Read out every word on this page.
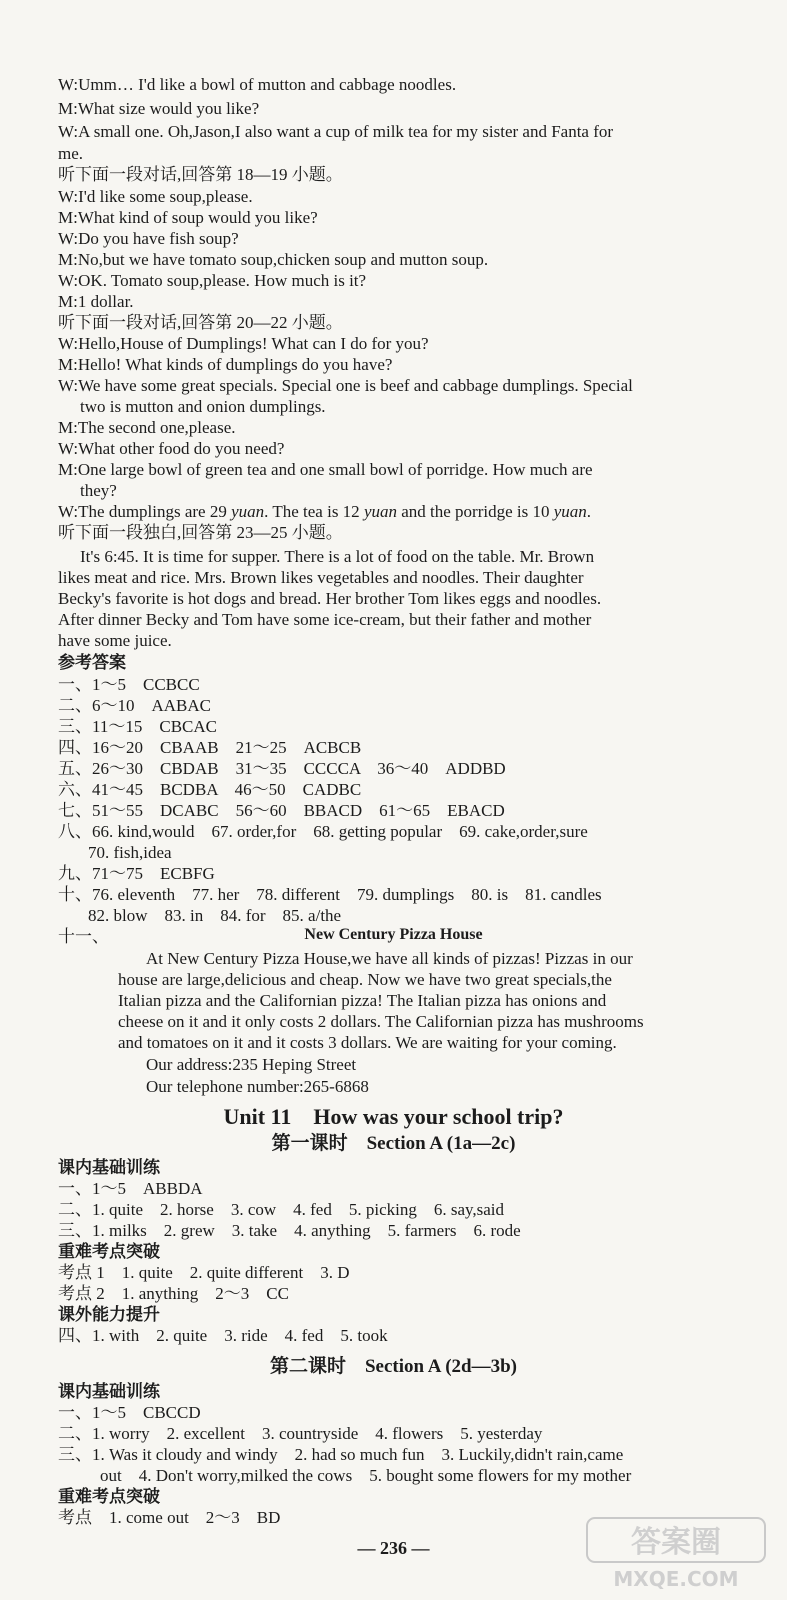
W:Umm… I'd like a bowl of mutton and cabbage noodles.
M:What size would you like?
W:A small one. Oh,Jason,I also want a cup of milk tea for my sister and Fanta for
me.
听下面一段对话,回答第 18—19 小题。
W:I'd like some soup,please.
M:What kind of soup would you like?
W:Do you have fish soup?
M:No,but we have tomato soup,chicken soup and mutton soup.
W:OK. Tomato soup,please. How much is it?
M:1 dollar.
听下面一段对话,回答第 20—22 小题。
W:Hello,House of Dumplings! What can I do for you?
M:Hello! What kinds of dumplings do you have?
W:We have some great specials. Special one is beef and cabbage dumplings. Special
two is mutton and onion dumplings.
M:The second one,please.
W:What other food do you need?
M:One large bowl of green tea and one small bowl of porridge. How much are
they?
W:The dumplings are 29 yuan. The tea is 12 yuan and the porridge is 10 yuan.
听下面一段独白,回答第 23—25 小题。
It's 6:45. It is time for supper. There is a lot of food on the table. Mr. Brown
likes meat and rice. Mrs. Brown likes vegetables and noodles. Their daughter
Becky's favorite is hot dogs and bread. Her brother Tom likes eggs and noodles.
After dinner Becky and Tom have some ice-cream, but their father and mother
have some juice.
参考答案
一、1～5　CCBCC
二、6～10　AABAC
三、11～15　CBCAC
四、16～20　CBAAB　21～25　ACBCB
五、26～30　CBDAB　31～35　CCCCA　36～40　ADDBD
六、41～45　BCDBA　46～50　CADBC
七、51～55　DCABC　56～60　BBACD　61～65　EBACD
八、66. kind,would　67. order,for　68. getting popular　69. cake,order,sure
70. fish,idea
九、71～75　ECBFG
十、76. eleventh　77. her　78. different　79. dumplings　80. is　81. candles
82. blow　83. in　84. for　85. a/the
十一、	New Century Pizza House
At New Century Pizza House,we have all kinds of pizzas! Pizzas in our
house are large,delicious and cheap. Now we have two great specials,the
Italian pizza and the Californian pizza! The Italian pizza has onions and
cheese on it and it only costs 2 dollars. The Californian pizza has mushrooms
and tomatoes on it and it costs 3 dollars. We are waiting for your coming.
Our address:235 Heping Street
Our telephone number:265-6868
Unit 11　How was your school trip?
第一课时　Section A (1a—2c)
课内基础训练
一、1～5　ABBDA
二、1. quite　2. horse　3. cow　4. fed　5. picking　6. say,said
三、1. milks　2. grew　3. take　4. anything　5. farmers　6. rode
重难考点突破
考点 1　1. quite　2. quite different　3. D
考点 2　1. anything　2～3　CC
课外能力提升
四、1. with　2. quite　3. ride　4. fed　5. took
第二课时　Section A (2d—3b)
课内基础训练
一、1～5　CBCCD
二、1. worry　2. excellent　3. countryside　4. flowers　5. yesterday
三、1. Was it cloudy and windy　2. had so much fun　3. Luckily,didn't rain,came
out　4. Don't worry,milked the cows　5. bought some flowers for my mother
重难考点突破
考点　1. come out　2～3　BD
— 236 —	答案圈
MXQE.COM
